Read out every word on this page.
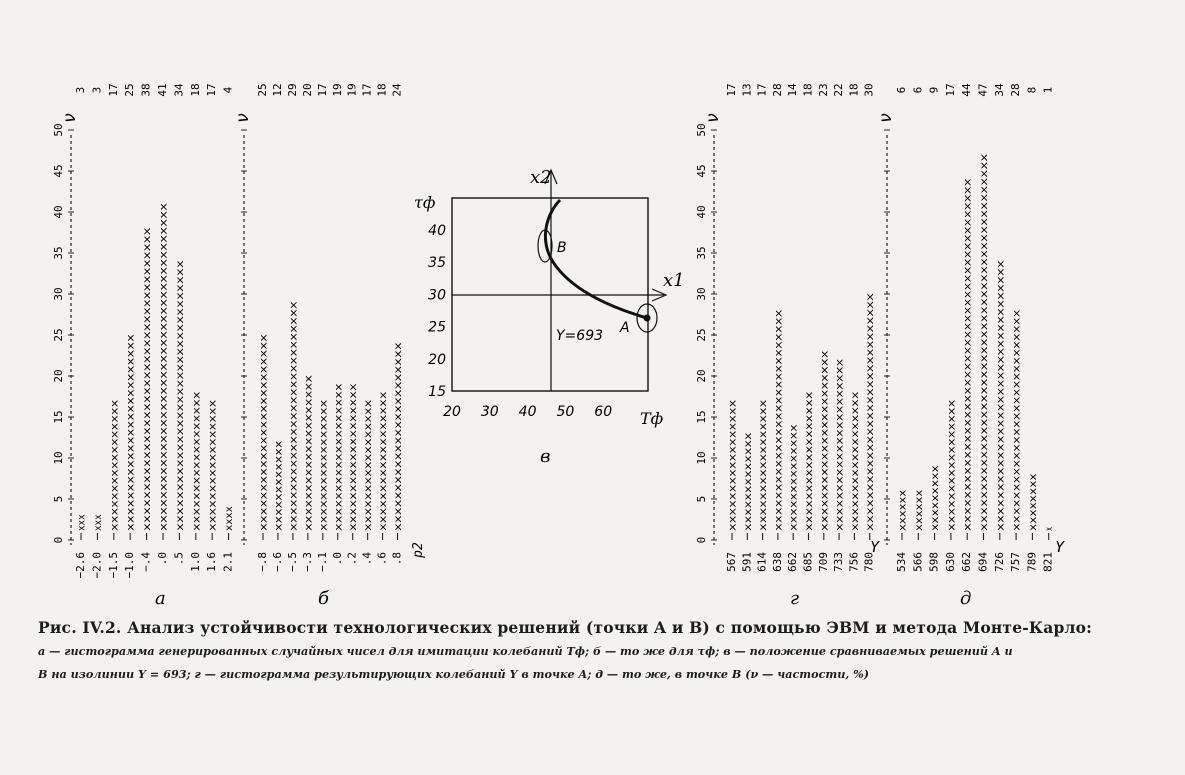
0
5
10
15
20
25
30
35
40
45
50
ν
−2.6
3
xxx
−2.0
3
xxx
−1.5
17
xxxxxxxxxxxxxxxxx
−1.0
25
xxxxxxxxxxxxxxxxxxxxxxxxx
−.4
38
xxxxxxxxxxxxxxxxxxxxxxxxxxxxxxxxxxxxxx
.0
41
xxxxxxxxxxxxxxxxxxxxxxxxxxxxxxxxxxxxxxxxx
.5
34
xxxxxxxxxxxxxxxxxxxxxxxxxxxxxxxxxx
1.0
18
xxxxxxxxxxxxxxxxxx
1.6
17
xxxxxxxxxxxxxxxxx
2.1
4
xxxx
а
ν
−.8
25
xxxxxxxxxxxxxxxxxxxxxxxxx
−.6
12
xxxxxxxxxxxx
−.5
29
xxxxxxxxxxxxxxxxxxxxxxxxxxxxx
−.3
20
xxxxxxxxxxxxxxxxxxxx
−.1
17
xxxxxxxxxxxxxxxxx
.0
19
xxxxxxxxxxxxxxxxxxx
.2
19
xxxxxxxxxxxxxxxxxxx
.4
17
xxxxxxxxxxxxxxxxx
.6
18
xxxxxxxxxxxxxxxxxx
.8
24
xxxxxxxxxxxxxxxxxxxxxxxx
б
0
5
10
15
20
25
30
35
40
45
50
ν
567
17
xxxxxxxxxxxxxxxxx
591
13
xxxxxxxxxxxxx
614
17
xxxxxxxxxxxxxxxxx
638
28
xxxxxxxxxxxxxxxxxxxxxxxxxxxx
662
14
xxxxxxxxxxxxxx
685
18
xxxxxxxxxxxxxxxxxx
709
23
xxxxxxxxxxxxxxxxxxxxxxx
733
22
xxxxxxxxxxxxxxxxxxxxxx
756
18
xxxxxxxxxxxxxxxxxx
780
30
xxxxxxxxxxxxxxxxxxxxxxxxxxxxxx
г
ν
534
6
xxxxxx
566
6
xxxxxx
598
9
xxxxxxxxx
630
17
xxxxxxxxxxxxxxxxx
662
44
xxxxxxxxxxxxxxxxxxxxxxxxxxxxxxxxxxxxxxxxxxxx
694
47
xxxxxxxxxxxxxxxxxxxxxxxxxxxxxxxxxxxxxxxxxxxxxxx
726
34
xxxxxxxxxxxxxxxxxxxxxxxxxxxxxxxxxx
757
28
xxxxxxxxxxxxxxxxxxxxxxxxxxxx
789
8
xxxxxxxx
821
1
x
д
Y	Y
p2
20 30 40 50 60
15
20
25
30
35
40
Tф
τф
x1
x2
B
A
Y=693
в
Рис. IV.2. Анализ устойчивости технологических решений (точки A и B) с помощью ЭВМ и метода Монте-Карло:
а — гистограмма генерированных случайных чисел для имитации колебаний Tф; б — то же для τф; в — положение сравниваемых решений A и
B на изолинии Y = 693; г — гистограмма результирующих колебаний Y в точке A; д — то же, в точке B (ν — частости, %)
